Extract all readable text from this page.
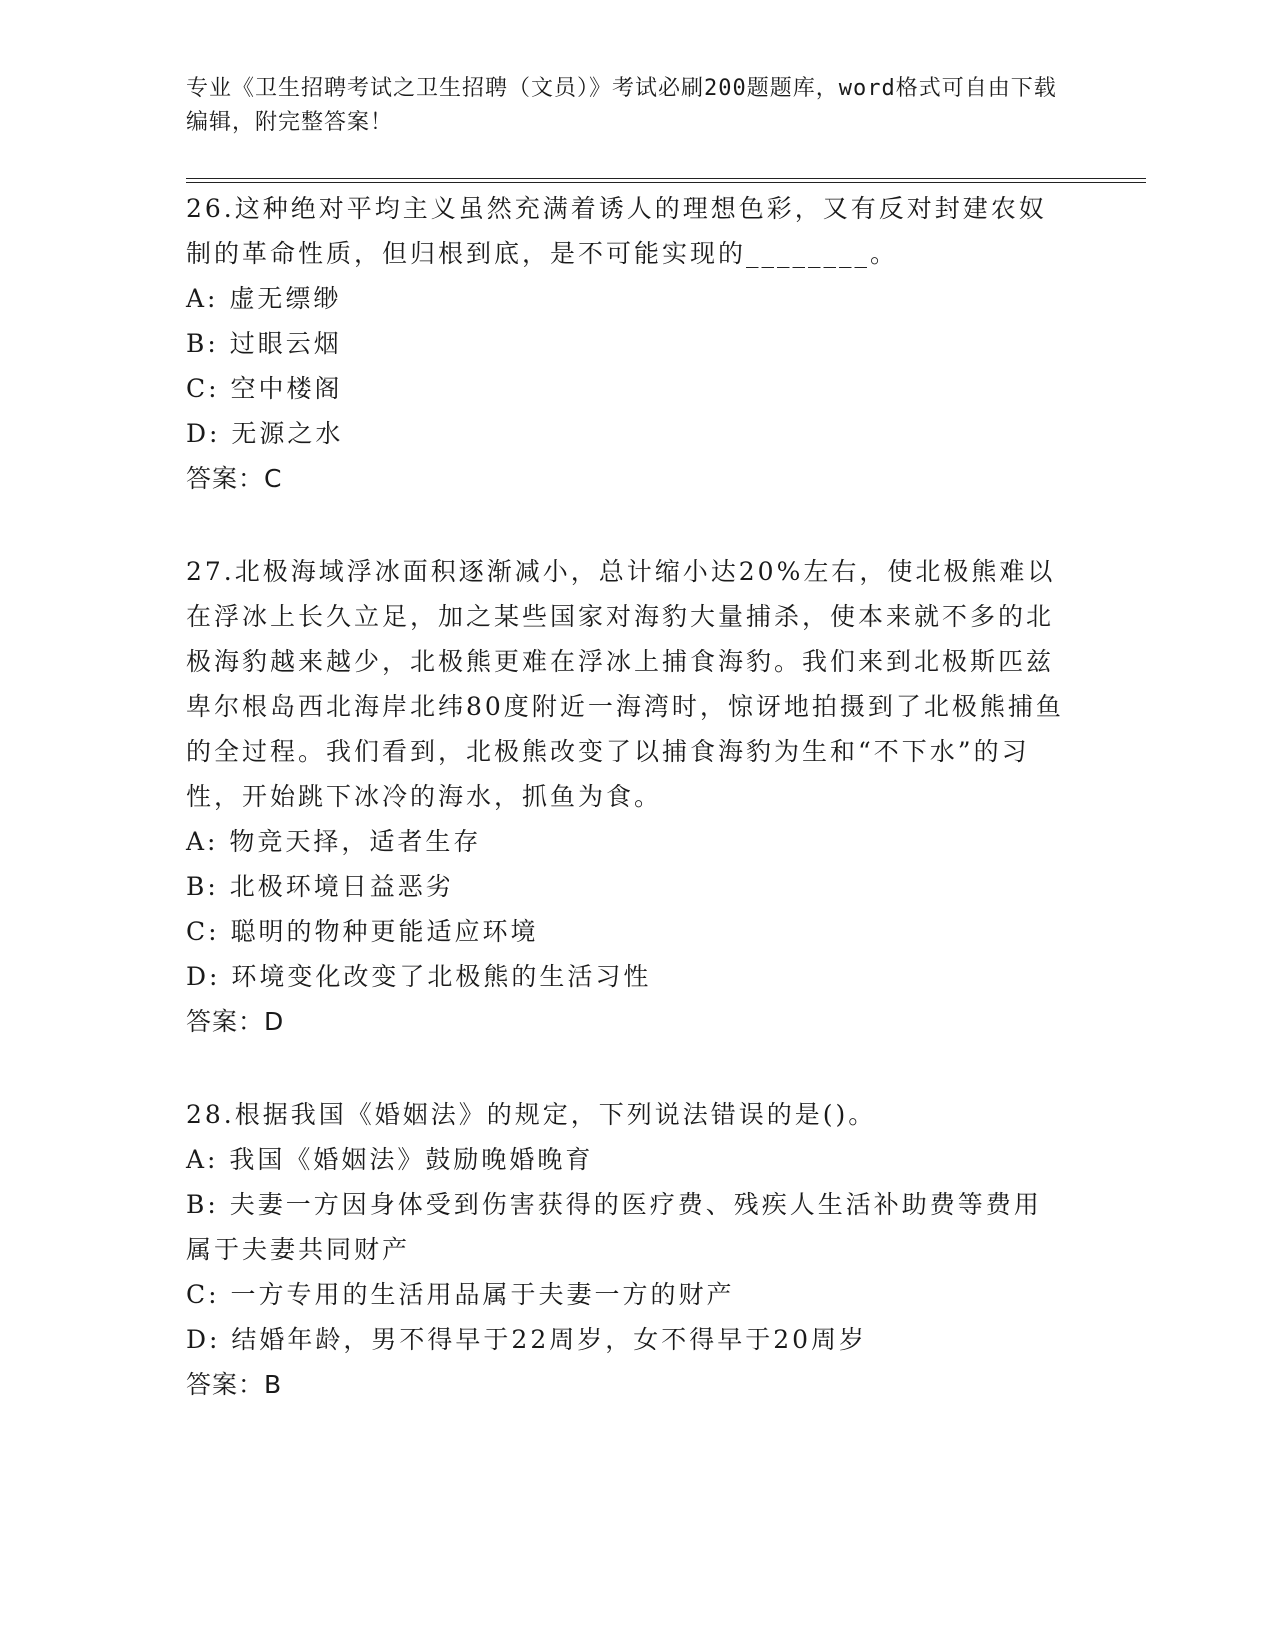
专业《卫生招聘考试之卫生招聘（文员）》考试必刷200题题库，word格式可自由下载编辑，附完整答案！

26.这种绝对平均主义虽然充满着诱人的理想色彩，又有反对封建农奴制的革命性质，但归根到底，是不可能实现的________。

A: 虚无缥缈

B: 过眼云烟

C: 空中楼阁

D: 无源之水

答案：C

27.北极海域浮冰面积逐渐减小，总计缩小达20%左右，使北极熊难以在浮冰上长久立足，加之某些国家对海豹大量捕杀，使本来就不多的北极海豹越来越少，北极熊更难在浮冰上捕食海豹。我们来到北极斯匹兹卑尔根岛西北海岸北纬80度附近一海湾时，惊讶地拍摄到了北极熊捕鱼的全过程。我们看到，北极熊改变了以捕食海豹为生和“不下水”的习性，开始跳下冰冷的海水，抓鱼为食。

A: 物竞天择，适者生存

B: 北极环境日益恶劣

C: 聪明的物种更能适应环境

D: 环境变化改变了北极熊的生活习性

答案：D

28.根据我国《婚姻法》的规定，下列说法错误的是()。

A: 我国《婚姻法》鼓励晚婚晚育

B: 夫妻一方因身体受到伤害获得的医疗费、残疾人生活补助费等费用属于夫妻共同财产

C: 一方专用的生活用品属于夫妻一方的财产

D: 结婚年龄，男不得早于22周岁，女不得早于20周岁

答案：B
